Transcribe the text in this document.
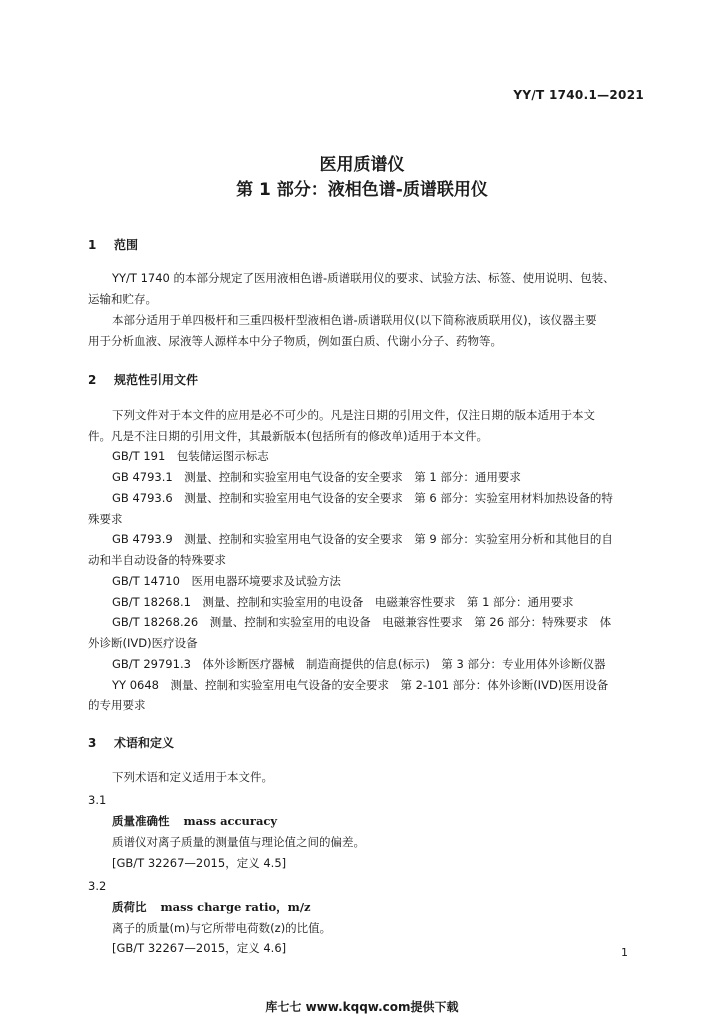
YY/T 1740.1—2021
医用质谱仪
第 1 部分：液相色谱-质谱联用仪
1 范围
YY/T 1740 的本部分规定了医用液相色谱-质谱联用仪的要求、试验方法、标签、使用说明、包装、
运输和贮存。
本部分适用于单四极杆和三重四极杆型液相色谱-质谱联用仪(以下简称液质联用仪)，该仪器主要
用于分析血液、尿液等人源样本中分子物质，例如蛋白质、代谢小分子、药物等。
2 规范性引用文件
下列文件对于本文件的应用是必不可少的。凡是注日期的引用文件，仅注日期的版本适用于本文
件。凡是不注日期的引用文件，其最新版本(包括所有的修改单)适用于本文件。
GB/T 191　包装储运图示标志
GB 4793.1　测量、控制和实验室用电气设备的安全要求　第 1 部分：通用要求
GB 4793.6　测量、控制和实验室用电气设备的安全要求　第 6 部分：实验室用材料加热设备的特
殊要求
GB 4793.9　测量、控制和实验室用电气设备的安全要求　第 9 部分：实验室用分析和其他目的自
动和半自动设备的特殊要求
GB/T 14710　医用电器环境要求及试验方法
GB/T 18268.1　测量、控制和实验室用的电设备　电磁兼容性要求　第 1 部分：通用要求
GB/T 18268.26　测量、控制和实验室用的电设备　电磁兼容性要求　第 26 部分：特殊要求　体
外诊断(IVD)医疗设备
GB/T 29791.3　体外诊断医疗器械　制造商提供的信息(标示)　第 3 部分：专业用体外诊断仪器
YY 0648　测量、控制和实验室用电气设备的安全要求　第 2-101 部分：体外诊断(IVD)医用设备
的专用要求
3 术语和定义
下列术语和定义适用于本文件。
3.1
质量准确性 mass accuracy
质谱仪对离子质量的测量值与理论值之间的偏差。
[GB/T 32267—2015，定义 4.5]
3.2
质荷比 mass charge ratio，m/z
离子的质量(m)与它所带电荷数(z)的比值。
[GB/T 32267—2015，定义 4.6]	1
库七七 www.kqqw.com提供下载
